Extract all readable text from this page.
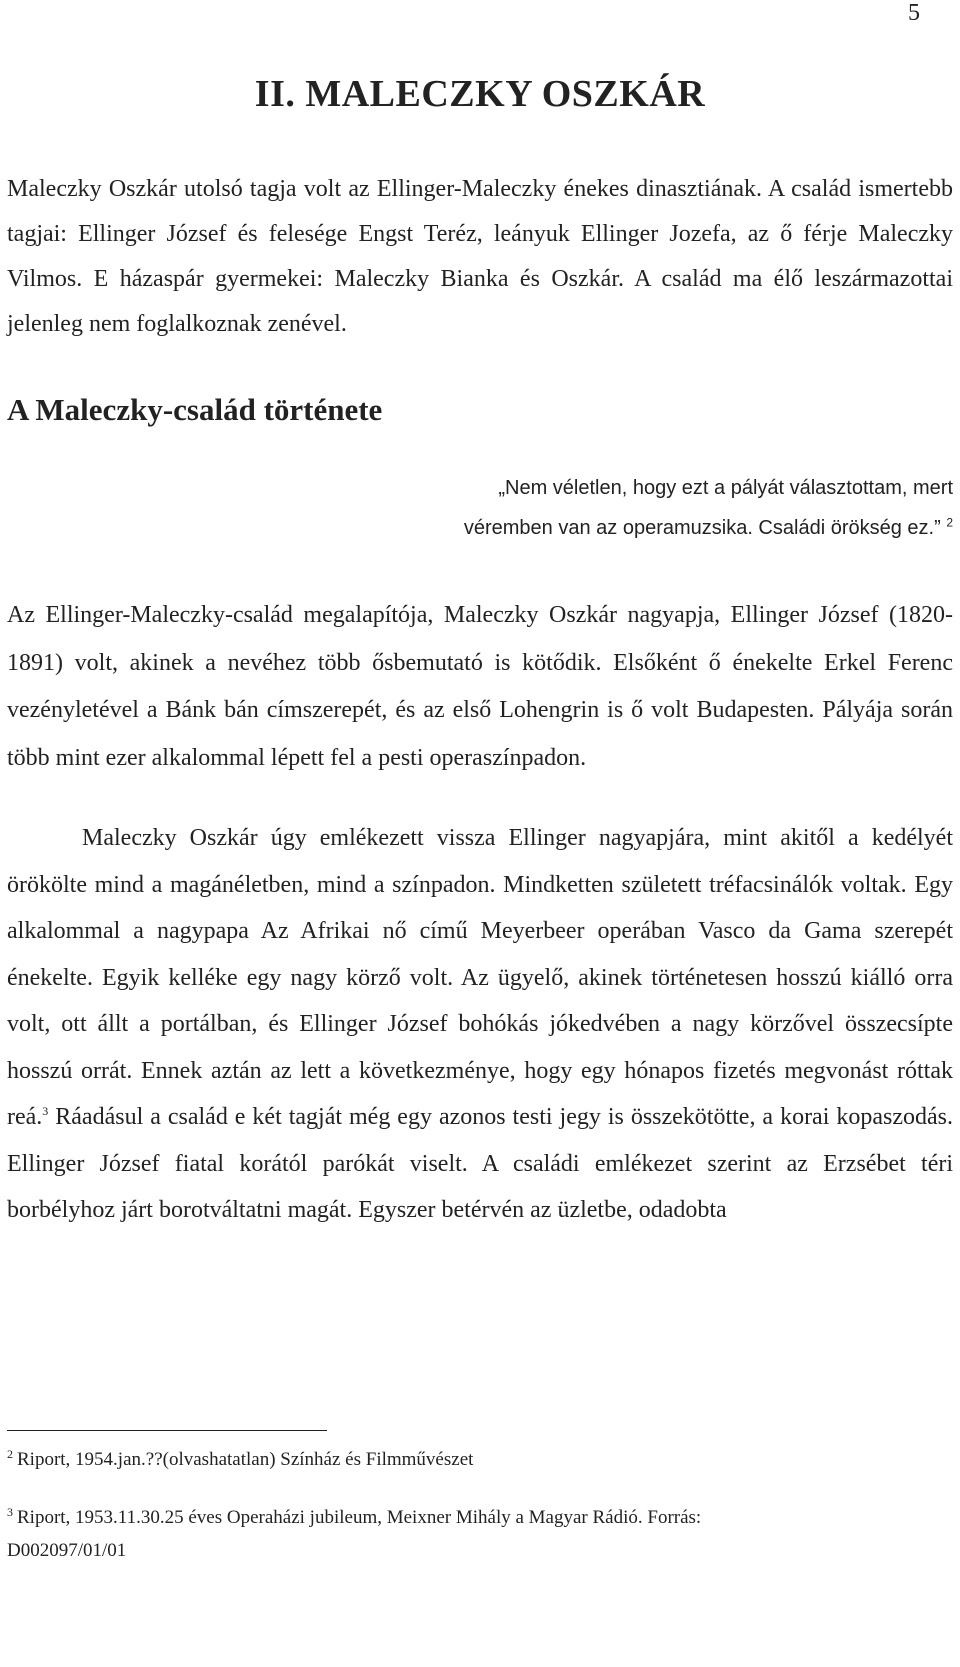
5
II. MALECZKY OSZKÁR

Maleczky Oszkár utolsó tagja volt az Ellinger-Maleczky énekes dinasztiának. A család ismertebb tagjai: Ellinger József és felesége Engst Teréz, leányuk Ellinger Jozefa, az ő férje Maleczky Vilmos. E házaspár gyermekei: Maleczky Bianka és Oszkár. A család ma élő leszármazottai jelenleg nem foglalkoznak zenével.

A Maleczky-család története
„Nem véletlen, hogy ezt a pályát választottam, mert
véremben van az operamuzsika. Családi örökség ez.” $^2$

Az Ellinger-Maleczky-család megalapítója, Maleczky Oszkár nagyapja, Ellinger József (1820-1891) volt, akinek a nevéhez több ősbemutató is kötődik. Elsőként ő énekelte Erkel Ferenc vezényletével a Bánk bán címszerepét, és az első Lohengrin is ő volt Budapesten. Pályája során több mint ezer alkalommal lépett fel a pesti operaszínpadon.

Maleczky Oszkár úgy emlékezett vissza Ellinger nagyapjára, mint akitől a kedélyét örökölte mind a magánéletben, mind a színpadon. Mindketten született tréfacsinálók voltak. Egy alkalommal a nagypapa Az Afrikai nő című Meyerbeer operában Vasco da Gama szerepét énekelte. Egyik kelléke egy nagy körző volt. Az ügyelő, akinek történetesen hosszú kiálló orra volt, ott állt a portálban, és Ellinger József bohókás jókedvében a nagy körzővel összecsípte hosszú orrát. Ennek aztán az lett a következménye, hogy egy hónapos fizetés megvonást róttak reá.$^3$ Ráadásul a család e két tagját még egy azonos testi jegy is összekötötte, a korai kopaszodás. Ellinger József fiatal korától parókát viselt. A családi emlékezet szerint az Erzsébet téri borbélyhoz járt borotváltatni magát. Egyszer betérvén az üzletbe, odadobta

$^2$ Riport, 1954.jan.??(olvashatatlan) Színház és Filmművészet

$^3$ Riport, 1953.11.30.25 éves Operaházi jubileum, Meixner Mihály a Magyar Rádió. Forrás:
D002097/01/01
